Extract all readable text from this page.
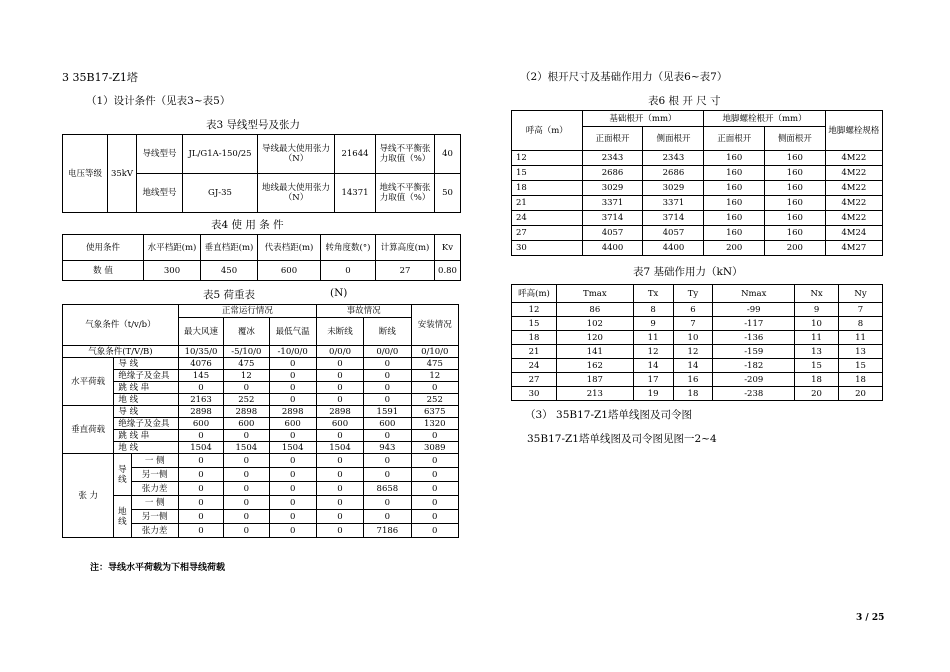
3 35B17-Z1塔
（1）设计条件（见表3~表5）
表3 导线型号及张力
电压等级	35kV	导线型号	JL/G1A-150/25	导线最大使用张力（N）	21644	导线不平衡张力取值（%）	40
		地线型号	GJ-35	地线最大使用张力（N）	14371	地线不平衡张力取值（%）	50
表4 使 用 条 件
使用条件	水平档距(m)	垂直档距(m)	代表档距(m)	转角度数(°)	计算高度(m)	Kv
数 值	300	450	600	0	27	0.80
表5 荷重表	(N)
气象条件（t/v/b）			正常运行情况			事故情况		安装情况
			最大风速	覆冰	最低气温	未断线	断线	
气象条件(T/V/B)			10/35/0	-5/10/0	-10/0/0	0/0/0	0/0/0	0/10/0
水平荷载	导 线		4076	475	0	0	0	475
	绝缘子及金具		145	12	0	0	0	12
	跳 线 串		0	0	0	0	0	0
	地 线		2163	252	0	0	0	252
垂直荷载	导 线		2898	2898	2898	2898	1591	6375
	绝缘子及金具		600	600	600	600	600	1320
	跳 线 串		0	0	0	0	0	0
	地 线		1504	1504	1504	1504	943	3089
张 力	导线	一 侧	0	0	0	0	0	0
		另一侧	0	0	0	0	0	0
		张力差	0	0	0	0	8658	0
	地线	一 侧	0	0	0	0	0	0
		另一侧	0	0	0	0	0	0
		张力差	0	0	0	0	7186	0
注：导线水平荷载为下相导线荷载
（2）根开尺寸及基础作用力（见表6~表7）
表6 根 开 尺 寸
呼高（m）	基础根开（mm）		地脚螺栓根开（mm）		地脚螺栓规格
	正面根开	侧面根开	正面根开	侧面根开	
12	2343	2343	160	160	4M22
15	2686	2686	160	160	4M22
18	3029	3029	160	160	4M22
21	3371	3371	160	160	4M22
24	3714	3714	160	160	4M22
27	4057	4057	160	160	4M24
30	4400	4400	200	200	4M27
表7 基础作用力（kN）
呼高(m)	Tmax	Tx	Ty	Nmax	Nx	Ny
12	86	8	6	-99	9	7
15	102	9	7	-117	10	8
18	120	11	10	-136	11	11
21	141	12	12	-159	13	13
24	162	14	14	-182	15	15
27	187	17	16	-209	18	18
30	213	19	18	-238	20	20
（3） 35B17-Z1塔单线图及司令图
35B17-Z1塔单线图及司令图见图一2~4
3 / 25
